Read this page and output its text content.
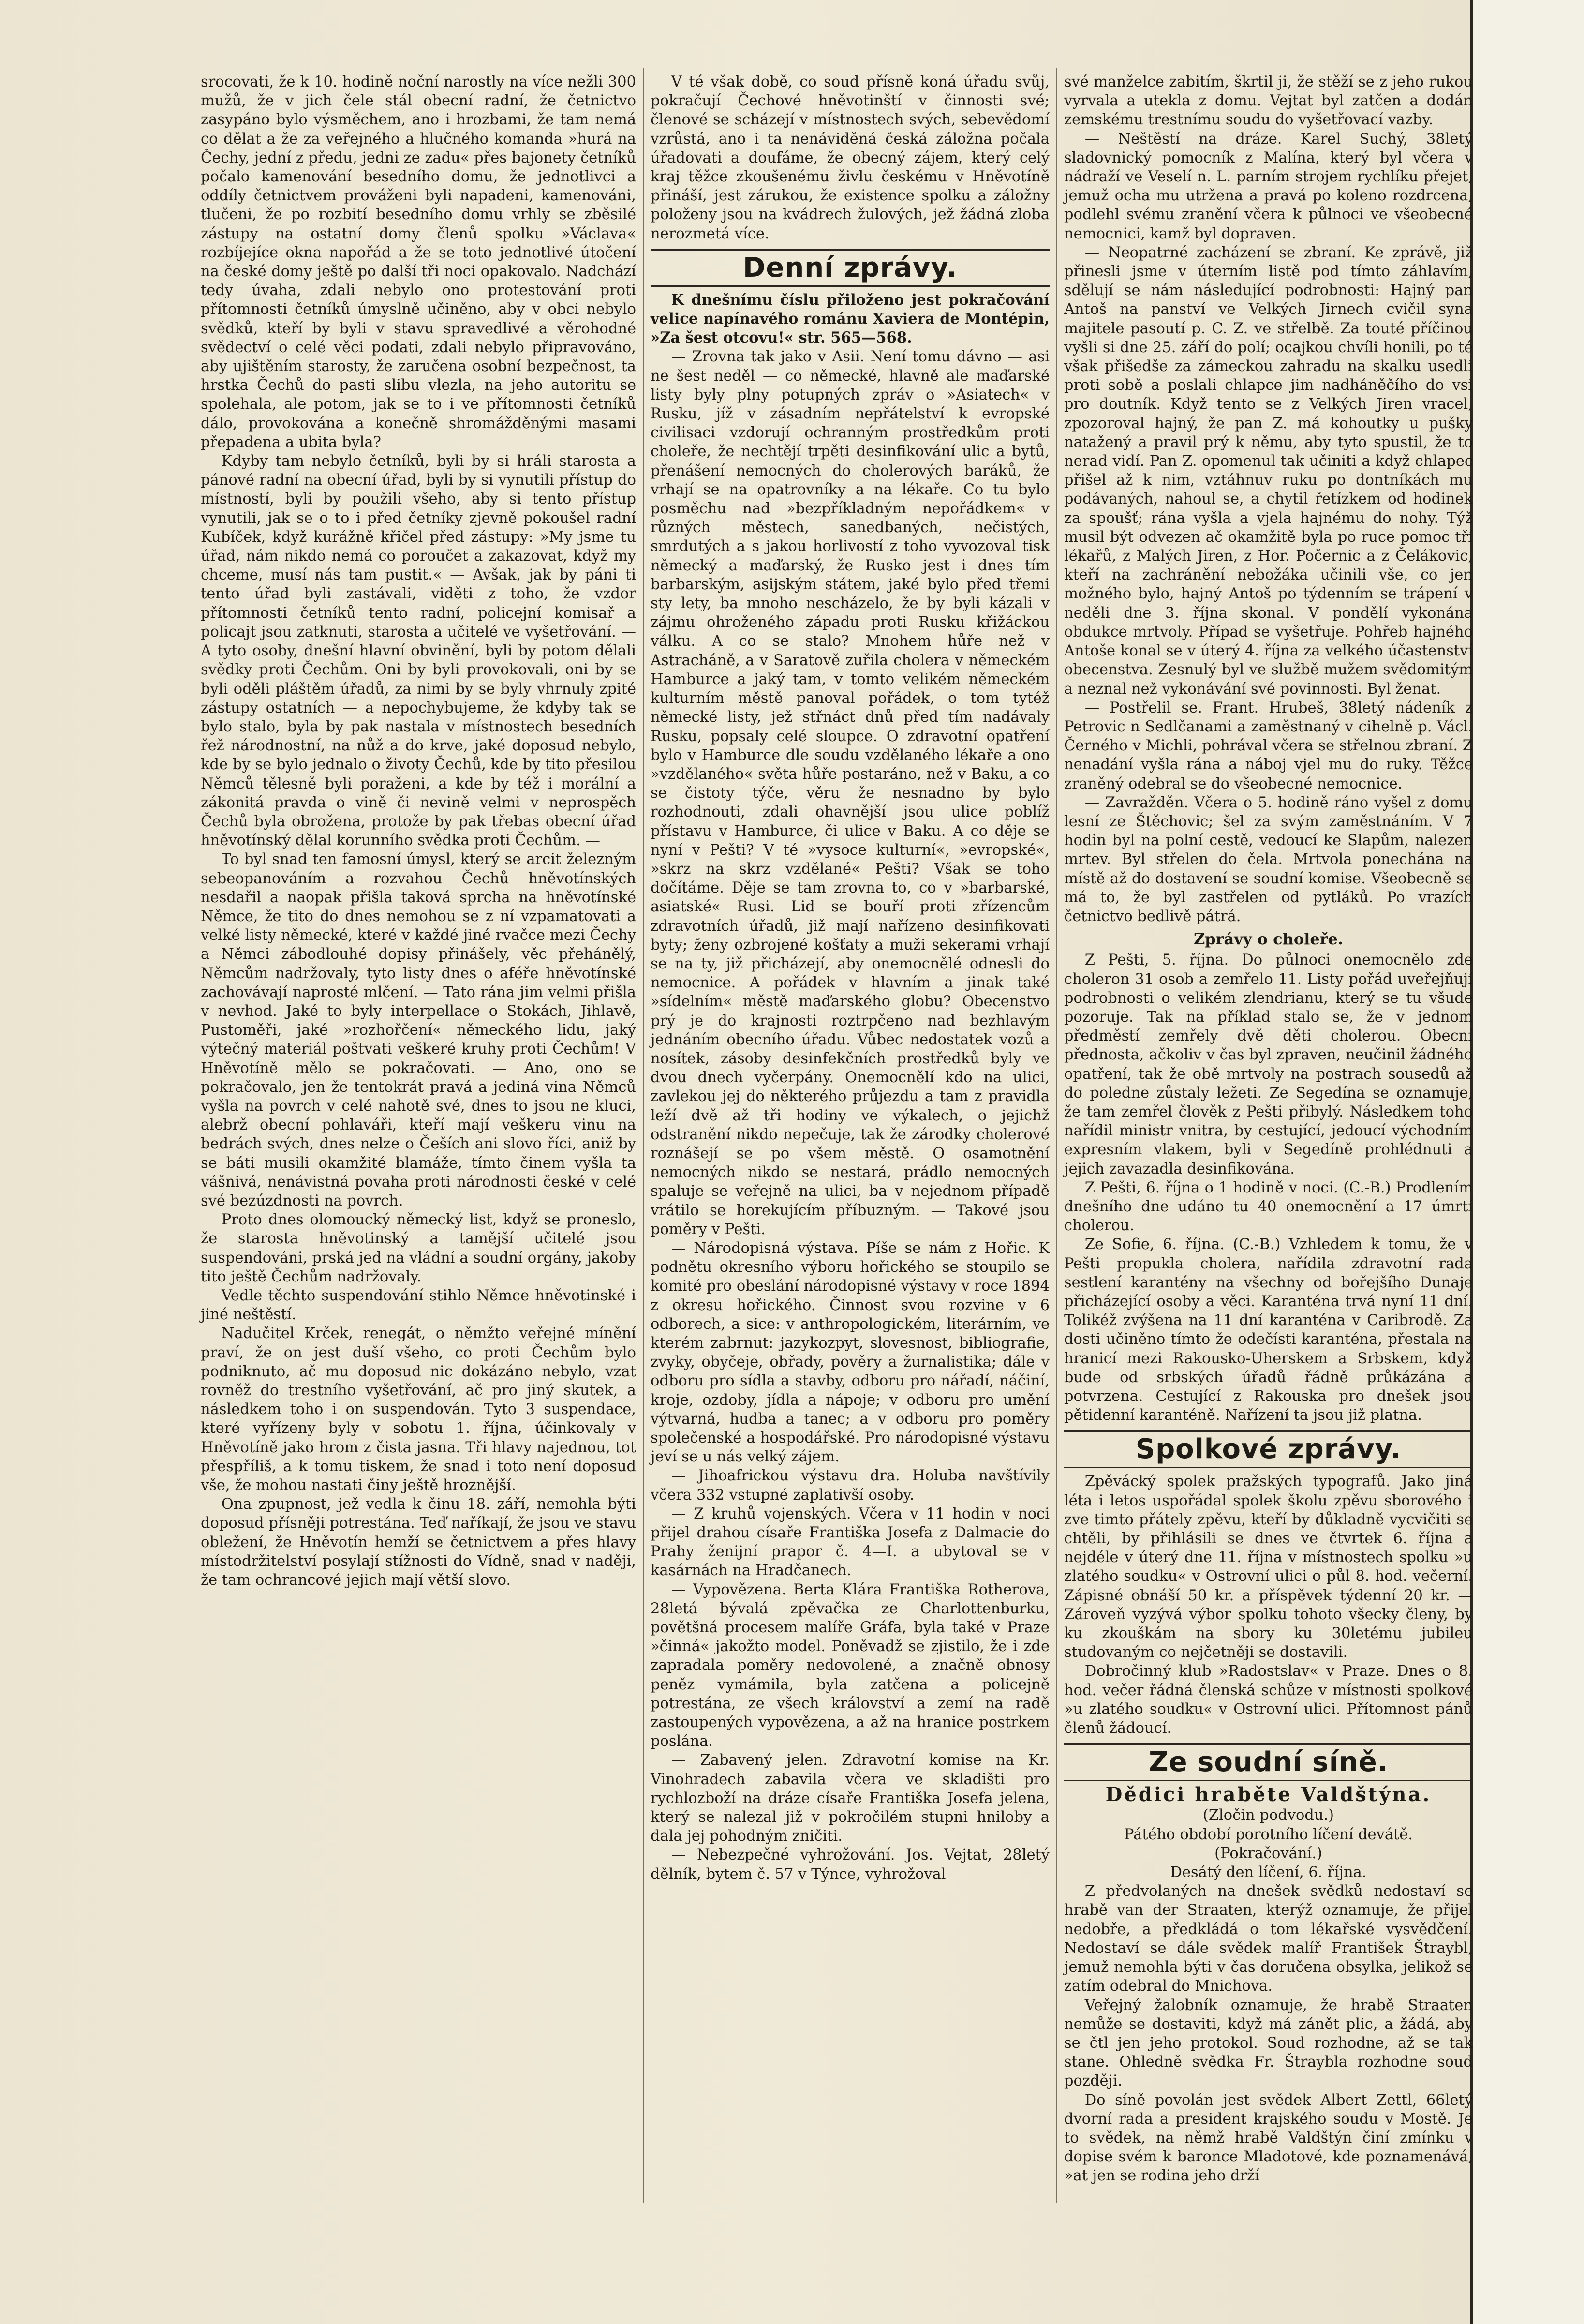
srocovati, že k 10. hodině noční narostly na více nežli 300 mužů, že v jich čele stál obecní radní, že četnictvo zasypáno bylo výsměchem, ano i hrozbami, že tam nemá co dělat a že za veřejného a hlučného komanda »hurá na Čechy, jední z předu, jedni ze zadu« přes bajonety četníků počalo kamenování besedního domu, že jednotlivci a oddíly četnictvem prováženi byli napadeni, kamenováni, tlučeni, že po rozbití besedního domu vrhly se zběsilé zástupy na ostatní domy členů spolku »Václava« rozbíjejíce okna napořád a že se toto jednotlivé útočení na české domy ještě po další tři noci opakovalo. Nadchází tedy úvaha, zdali nebylo ono protestování proti přítomnosti četníků úmyslně učiněno, aby v obci nebylo svědků, kteří by byli v stavu spravedlivé a věrohodné svědectví o celé věci podati, zdali nebylo připravováno, aby ujištěním starosty, že zaručena osobní bezpečnost, ta hrstka Čechů do pasti slibu vlezla, na jeho autoritu se spolehala, ale potom, jak se to i ve přítomnosti četníků dálo, provokována a konečně shromážděnými masami přepadena a ubita byla?

Kdyby tam nebylo četníků, byli by si hráli starosta a pánové radní na obecní úřad, byli by si vynutili přístup do místností, byli by použili všeho, aby si tento přístup vynutili, jak se o to i před četníky zjevně pokoušel radní Kubíček, když kurážně křičel před zástupy: »My jsme tu úřad, nám nikdo nemá co poroučet a zakazovat, když my chceme, musí nás tam pustit.« — Avšak, jak by páni ti tento úřad byli zastávali, viděti z toho, že vzdor přítomnosti četníků tento radní, policejní komisař a policajt jsou zatknuti, starosta a učitelé ve vyšetřování. — A tyto osoby, dnešní hlavní obvinění, byli by potom dělali svědky proti Čechům. Oni by byli provokovali, oni by se byli oděli pláštěm úřadů, za nimi by se byly vhrnuly zpité zástupy ostatních — a nepochybujeme, že kdyby tak se bylo stalo, byla by pak nastala v místnostech besedních řež národnostní, na nůž a do krve, jaké doposud nebylo, kde by se bylo jednalo o životy Čechů, kde by tito přesilou Němců tělesně byli poraženi, a kde by též i morální a zákonitá pravda o vině či nevině velmi v neprospěch Čechů byla obrožena, protože by pak třebas obecní úřad hněvotínský dělal korunního svědka proti Čechům. —

To byl snad ten famosní úmysl, který se arcit železným sebeopanováním a rozvahou Čechů hněvotínských nesdařil a naopak přišla taková sprcha na hněvotínské Němce, že tito do dnes nemohou se z ní vzpamatovati a velké listy německé, které v každé jiné rvačce mezi Čechy a Němci zábodlouhé dopisy přinášely, věc přehánělý, Němcům nadržovaly, tyto listy dnes o aféře hněvotínské zachovávají naprosté mlčení. — Tato rána jim velmi přišla v nevhod. Jaké to byly interpellace o Stokách, Jihlavě, Pustoměři, jaké »rozhořčení« německého lidu, jaký výtečný materiál poštvati veškeré kruhy proti Čechům! V Hněvotíně mělo se pokračovati. — Ano, ono se pokračovalo, jen že tentokrát pravá a jediná vina Němců vyšla na povrch v celé nahotě své, dnes to jsou ne kluci, alebrž obecní pohlaváři, kteří mají veškeru vinu na bedrách svých, dnes nelze o Češích ani slovo říci, aniž by se báti musili okamžité blamáže, tímto činem vyšla ta vášnivá, nenávistná povaha proti národnosti české v celé své bezúzdnosti na povrch.

Proto dnes olomoucký německý list, když se proneslo, že starosta hněvotinský a tamější učitelé jsou suspendováni, prská jed na vládní a soudní orgány, jakoby tito ještě Čechům nadržovaly.

Vedle těchto suspendování stihlo Němce hněvotinské i jiné neštěstí.

Nadučitel Krček, renegát, o němžto veřejné mínění praví, že on jest duší všeho, co proti Čechům bylo podniknuto, ač mu doposud nic dokázáno nebylo, vzat rovněž do trestního vyšetřování, ač pro jiný skutek, a následkem toho i on suspendován. Tyto 3 suspendace, které vyřízeny byly v sobotu 1. října, účinkovaly v Hněvotíně jako hrom z čista jasna. Tři hlavy najednou, tot přespříliš, a k tomu tiskem, že snad i toto není doposud vše, že mohou nastati činy ještě hroznější.

Ona zpupnost, jež vedla k činu 18. září, nemohla býti doposud přísněji potrestána. Teď naříkají, že jsou ve stavu obležení, že Hněvotín hemží se četnictvem a přes hlavy místodržitelství posylají stížnosti do Vídně, snad v naději, že tam ochrancové jejich mají větší slovo.

V té však době, co soud přísně koná úřadu svůj, pokračují Čechové hněvotinští v činnosti své; členové se scházejí v místnostech svých, sebevědomí vzrůstá, ano i ta nenáviděná česká záložna počala úřadovati a doufáme, že obecný zájem, který celý kraj těžce zkoušenému živlu českému v Hněvotíně přináší, jest zárukou, že existence spolku a záložny položeny jsou na kvádrech žulových, jež žádná zloba nerozmetá více.

Denní zprávy.

K dnešnímu číslu přiloženo jest pokračování velice napínavého románu Xaviera de Montépin, »Za šest otcovu!« str. 565—568.

— Zrovna tak jako v Asii. Není tomu dávno — asi ne šest neděl — co německé, hlavně ale maďarské listy byly plny potupných zpráv o »Asiatech« v Rusku, jíž v zásadním nepřátelství k evropské civilisaci vzdorují ochranným prostředkům proti choleře, že nechtějí trpěti desinfikování ulic a bytů, přenášení nemocných do cholerových baráků, že vrhají se na opatrovníky a na lékaře. Co tu bylo posměchu nad »bezpříkladným nepořádkem« v různých městech, sanedbaných, nečistých, smrdutých a s jakou horlivostí z toho vyvozoval tisk německý a maďarský, že Rusko jest i dnes tím barbarským, asijským státem, jaké bylo před třemi sty lety, ba mnoho nescházelo, že by byli kázali v zájmu ohroženého západu proti Rusku křižáckou válku. A co se stalo? Mnohem hůře než v Astracháně, a v Saratově zuřila cholera v německém Hamburce a jaký tam, v tomto velikém německém kulturním městě panoval pořádek, o tom tytéž německé listy, jež střnáct dnů před tím nadávaly Rusku, popsaly celé sloupce. O zdravotní opatření bylo v Hamburce dle soudu vzdělaného lékaře a ono »vzdělaného« světa hůře postaráno, než v Baku, a co se čistoty týče, věru že nesnadno by bylo rozhodnouti, zdali ohavnější jsou ulice poblíž přístavu v Hamburce, či ulice v Baku. A co děje se nyní v Pešti? V té »vysoce kulturní«, »evropské«, »skrz na skrz vzdělané« Pešti? Však se toho dočítáme. Děje se tam zrovna to, co v »barbarské, asiatské« Rusi. Lid se bouří proti zřízencům zdravotních úřadů, již mají nařízeno desinfikovati byty; ženy ozbrojené košťaty a muži sekerami vrhají se na ty, již přicházejí, aby onemocnělé odnesli do nemocnice. A pořádek v hlavním a jinak také »sídelním« městě maďarského globu? Obecenstvo prý je do krajnosti roztrpčeno nad bezhlavým jednáním obecního úřadu. Vůbec nedostatek vozů a nosítek, zásoby desinfekčních prostředků byly ve dvou dnech vyčerpány. Onemocnělí kdo na ulici, zavlekou jej do některého průjezdu a tam z pravidla leží dvě až tři hodiny ve výkalech, o jejichž odstranění nikdo nepečuje, tak že zárodky cholerové roznášejí se po všem městě. O osamotnění nemocných nikdo se nestará, prádlo nemocných spaluje se veřejně na ulici, ba v nejednom případě vrátilo se horekujícím příbuzným. — Takové jsou poměry v Pešti.

— Národopisná výstava. Píše se nám z Hořic. K podnětu okresního výboru hořického se stoupilo se komité pro obeslání národopisné výstavy v roce 1894 z okresu hořického. Činnost svou rozvine v 6 odborech, a sice: v anthropologickém, literárním, ve kterém zabrnut: jazykozpyt, slovesnost, bibliografie, zvyky, obyčeje, obřady, pověry a žurnalistika; dále v odboru pro sídla a stavby, odboru pro nářadí, náčiní, kroje, ozdoby, jídla a nápoje; v odboru pro umění výtvarná, hudba a tanec; a v odboru pro poměry společenské a hospodářské. Pro národopisné výstavu jeví se u nás velký zájem.

— Jihoafrickou výstavu dra. Holuba navštívily včera 332 vstupné zaplativší osoby.

— Z kruhů vojenských. Včera v 11 hodin v noci přijel drahou císaře Františka Josefa z Dalmacie do Prahy ženijní prapor č. 4—I. a ubytoval se v kasárnách na Hradčanech.

— Vypovězena. Berta Klára Františka Rotherova, 28letá bývalá zpěvačka ze Charlottenburku, povětšná procesem malíře Gráfa, byla také v Praze »činná« jakožto model. Poněvadž se zjistilo, že i zde zapradala poměry nedovolené, a značně obnosy peněz vymámila, byla zatčena a policejně potrestána, ze všech království a zemí na radě zastoupených vypovězena, a až na hranice postrkem poslána.

— Zabavený jelen. Zdravotní komise na Kr. Vinohradech zabavila včera ve skladišti pro rychlozboží na dráze císaře Františka Josefa jelena, který se nalezal již v pokročilém stupni hniloby a dala jej pohodným zničiti.

— Nebezpečné vyhrožování. Jos. Vejtat, 28letý dělník, bytem č. 57 v Týnce, vyhrožoval

své manželce zabitím, škrtil ji, že stěží se z jeho rukou vyrvala a utekla z domu. Vejtat byl zatčen a dodán zemskému trestnímu soudu do vyšetřovací vazby.

— Neštěstí na dráze. Karel Suchý, 38letý sladovnický pomocník z Malína, který byl včera v nádraží ve Veselí n. L. parním strojem rychlíku přejet, jemuž ocha mu utržena a pravá po koleno rozdrcena, podlehl svému zranění včera k půlnoci ve všeobecné nemocnici, kamž byl dopraven.

— Neopatrné zacházení se zbraní. Ke zprávě, již přinesli jsme v úterním listě pod tímto záhlavím, sdělují se nám následující podrobnosti: Hajný pan Antoš na panství ve Velkých Jirnech cvičil syna majitele pasoutí p. C. Z. ve střelbě. Za touté příčinou vyšli si dne 25. září do polí; ocajkou chvíli honili, po té však přišedše za zámeckou zahradu na skalku usedli proti sobě a poslali chlapce jim nadháněčího do vsi pro doutník. Když tento se z Velkých Jiren vracel, zpozoroval hajný, že pan Z. má kohoutky u pušky natažený a pravil prý k němu, aby tyto spustil, že to nerad vidí. Pan Z. opomenul tak učiniti a když chlapec přišel až k nim, vztáhnuv ruku po dontníkách mu podávaných, nahoul se, a chytil řetízkem od hodinek za spoušť; rána vyšla a vjela hajnému do nohy. Týž musil být odvezen ač okamžitě byla po ruce pomoc tří lékařů, z Malých Jiren, z Hor. Počernic a z Čelákovic, kteří na zachránění nebožáka učinili vše, co jen možného bylo, hajný Antoš po týdenním se trápení v neděli dne 3. října skonal. V pondělí vykonána obdukce mrtvoly. Případ se vyšetřuje. Pohřeb hajného Antoše konal se v úterý 4. října za velkého účastenství obecenstva. Zesnulý byl ve službě mužem svědomitým a neznal než vykonávání své povinnosti. Byl ženat.

— Postřelil se. Frant. Hrubeš, 38letý nádeník z Petrovic n Sedlčanami a zaměstnaný v cihelně p. Václ. Černého v Michli, pohrával včera se střelnou zbraní. Z nenadání vyšla rána a náboj vjel mu do ruky. Těžce zraněný odebral se do všeobecné nemocnice.

— Zavražděn. Včera o 5. hodině ráno vyšel z domu lesní ze Štěchovic; šel za svým zaměstnáním. V 7 hodin byl na polní cestě, vedoucí ke Slapům, nalezen mrtev. Byl střelen do čela. Mrtvola ponechána na místě až do dostavení se soudní komise. Všeobecně se má to, že byl zastřelen od pytláků. Po vrazích četnictvo bedlivě pátrá.

Zprávy o choleře.

Z Pešti, 5. října. Do půlnoci onemocnělo zde choleron 31 osob a zemřelo 11. Listy pořád uveřejňují podrobnosti o velikém zlendrianu, který se tu všude pozoruje. Tak na příklad stalo se, že v jednom předměstí zemřely dvě děti cholerou. Obecní přednosta, ačkoliv v čas byl zpraven, neučinil žádného opatření, tak že obě mrtvoly na postrach sousedů až do poledne zůstaly ležeti. Ze Segedína se oznamuje, že tam zemřel člověk z Pešti přibylý. Následkem toho nařídil ministr vnitra, by cestující, jedoucí východním expresním vlakem, byli v Segedíně prohlédnuti a jejich zavazadla desinfikována.

Z Pešti, 6. října o 1 hodině v noci. (C.-B.) Prodlením dnešního dne udáno tu 40 onemocnění a 17 úmrtí cholerou.

Ze Sofie, 6. října. (C.-B.) Vzhledem k tomu, že v Pešti propukla cholera, nařídila zdravotní rada sestlení karantény na všechny od bořejšího Dunaje přicházející osoby a věci. Karanténa trvá nyní 11 dní. Tolikéž zvýšena na 11 dní karanténa v Caribrodě. Za dosti učiněno tímto že odečísti karanténa, přestala na hranicí mezi Rakousko-Uherskem a Srbskem, když bude od srbských úřadů řádně průkázána a potvrzena. Cestující z Rakouska pro dnešek jsou pětidenní karanténě. Nařízení ta jsou již platna.

Spolkové zprávy.

Zpěvácký spolek pražských typografů. Jako jiná léta i letos uspořádal spolek školu zpěvu sborového i zve timto přátely zpěvu, kteří by důkladně vycvičiti se chtěli, by přihlásili se dnes ve čtvrtek 6. října a nejdéle v úterý dne 11. října v místnostech spolku »u zlatého soudku« v Ostrovní ulici o půl 8. hod. večerní. Zápisné obnáší 50 kr. a příspěvek týdenní 20 kr. — Zároveň vyzývá výbor spolku tohoto všecky členy, by ku zkouškám na sbory ku 30letému jubileu studovaným co nejčetněji se dostavili.

Dobročinný klub »Radostslav« v Praze. Dnes o 8. hod. večer řádná členská schůze v místnosti spolkové »u zlatého soudku« v Ostrovní ulici. Přítomnost pánů členů žádoucí.

Ze soudní síně.
Dědici hraběte Valdštýna.

(Zločin podvodu.)

Pátého období porotního líčení devátě.

(Pokračování.)

Desátý den líčení, 6. října.

Z předvolaných na dnešek svědků nedostaví se hrabě van der Straaten, kterýž oznamuje, že přijel nedobře, a předkládá o tom lékařské vysvědčení. Nedostaví se dále svědek malíř František Štraybl, jemuž nemohla býti v čas doručena obsylka, jelikož se zatím odebral do Mnichova.

Veřejný žalobník oznamuje, že hrabě Straaten nemůže se dostaviti, když má zánět plic, a žádá, aby se čtl jen jeho protokol. Soud rozhodne, až se tak stane. Ohledně svědka Fr. Štraybla rozhodne soud později.

Do síně povolán jest svědek Albert Zettl, 66letý dvorní rada a president krajského soudu v Mostě. Je to svědek, na němž hrabě Valdštýn činí zmínku v dopise svém k baronce Mladotové, kde poznamenává, »at jen se rodina jeho drží
